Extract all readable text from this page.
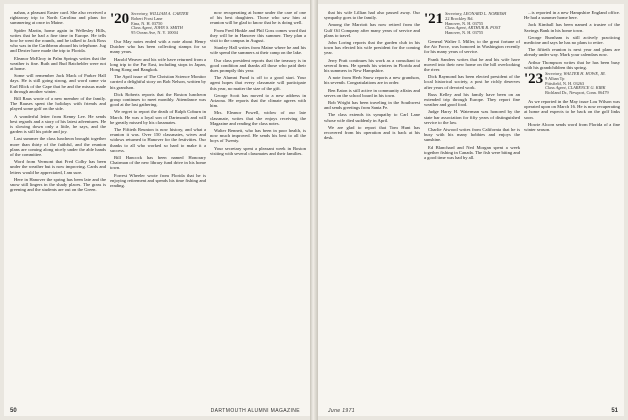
nahan, a pleasant Easter card. She also received a rightaway trip to North Carolina and plans for summering at once in Maine.

Spider Martin, home again in Wellesley Hills, writes that he had a fine time in Europe. He tells how he went the rounds, and he talked to Jack Ross who was in the Caribbean aboard his telephone. Jug and Dexter have made the trip to Florida.

Eleanor McElroy in Palm Springs writes that the weather is fine. Ruth and Bud Batchelder were not at home.

Some will remember Jack Mack of Parker Hall days. He is still going strong, and word came via Earl Blick of the Cape that he and the missus made it through another winter.

Bill Raus wrote of a new member of the family. The Rauses spent the holidays with friends and played some golf on the side.

A wonderful letter from Kenny Lee. He sends best regards and a story of his latest adventures. He is slowing down only a little, he says, and the garden is still his pride and joy.

Last summer the class luncheon brought together more than thirty of the faithful, and the reunion plans are coming along nicely under the able hands of the committee.

Word from Vermont that Fred Colby has been under the weather but is now improving. Cards and letters would be appreciated, I am sure.

Here in Hanover the spring has been late and the snow still lingers in the shady places. The grass is greening and the students are out on the Green.

'20 Secretary, WILLIAM A. CARTER
Robert Frost Lane
Etna, N. H. 03750
Class Agent, JOHN S. SMITH
95 Ocean Ave, N. Y. 10004

Our May notes ended with a note about Henry Dutcher who has been collecting stamps for so many years.

Harold Weaver and his wife have returned from a long trip to the Far East, including stops in Japan, Hong Kong and Bangkok.

The April issue of The Christian Science Monitor carried a delightful story on Bob Nelson, written by his grandson.

Dick Roberts reports that the Boston luncheon group continues to meet monthly. Attendance was good at the last gathering.

We regret to report the death of Ralph Coburn in March. He was a loyal son of Dartmouth and will be greatly missed by his classmates.

The Fiftieth Reunion is now history, and what a reunion it was. Over 150 classmates, wives and widows returned to Hanover for the festivities. Our thanks to all who worked so hard to make it a success.

Bill Hancock has been named Honorary Chairman of the new library fund drive in his home town.

Forrest Wheeler wrote from Florida that he is enjoying retirement and spends his time fishing and reading.

now recuperating at home under the care of one of his best daughters. Those who saw him at reunion will be glad to know that he is doing well.

From Fred Hinkle and Phil Goss comes word that they will be in Hanover this summer. They plan a visit to the campus in August.

Stanley Hall writes from Maine where he and his wife spend the summers at their camp on the lake.

Our class president reports that the treasury is in good condition and thanks all those who paid their dues promptly this year.

The Alumni Fund is off to a good start. Your agent hopes that every classmate will participate this year, no matter the size of the gift.

George Scott has moved to a new address in Arizona. He reports that the climate agrees with him.

Mrs. Eleanor Powell, widow of our late classmate, writes that she enjoys receiving the Magazine and reading the class notes.

Walter Bennett, who has been in poor health, is now much improved. He sends his best to all the boys of Twenty.

Your secretary spent a pleasant week in Boston visiting with several classmates and their families.

50	DARTMOUTH ALUMNI MAGAZINE

that his wife Lillian had also passed away. Our sympathy goes to the family.

Among the Marriott has now retired from the Gulf Oil Company after many years of service and plans to travel.

John Loring reports that the garden club in his town has elected his wife president for the coming year.

Jerry Pratt continues his work as a consultant to several firms. He spends his winters in Florida and his summers in New Hampshire.

A note from Herb Snow reports a new grandson, his seventh. Congratulations are in order.

Ben Eaton is still active in community affairs and serves on the school board in his town.

Bob Wright has been traveling in the Southwest and sends greetings from Santa Fe.

The class extends its sympathy to Carl Lane whose wife died suddenly in April.

We are glad to report that Tom Hunt has recovered from his operation and is back at his desk.

'21 Secretary, LEONARD L. NORRISH
22 Brockley Rd.
Hanover, N. H. 03755
Class Agent, ARTHUR B. POST
Hanover, N. H. 03755

General Walter I. Miller, to the great fortune of the Air Force, was honored in Washington recently for his many years of service.

Frank Sanders writes that he and his wife have moved into their new home on the hill overlooking the river.

Dick Raymond has been elected president of the local historical society, a post he richly deserves after years of devoted work.

Russ Kelley and his family have been on an extended trip through Europe. They report fine weather and good food.

Judge Harry H. Waterman was honored by the state bar association for fifty years of distinguished service to the law.

Charlie Atwood writes from California that he is busy with his many hobbies and enjoys the sunshine.

Ed Blanchard and Ned Morgan spent a week together fishing in Canada. The fish were biting and a good time was had by all.

...is reported in a new Hampshire England office. He had a summer home here.

Jack Kimball has been named a trustee of the Savings Bank in his home town.

George Burnham is still actively practicing medicine and says he has no plans to retire.

The fiftieth reunion is next year and plans are already under way. Mark your calendars now.

Arthur Thompson writes that he has been busy with his grandchildren this spring.

'23 Secretary, WALTER H. HOWE, JR.
9 Alban Tp
Pittsfield, N. H. 03263
Class Agent, CLARENCE G. KIRK
Richland Dr., Newport, Conn. 06479

As we reported in the May issue Lou Wilson was operated upon on March 16. He is now recuperating at home and expects to be back on the golf links soon.

Howie Alcorn sends word from Florida of a fine winter season.

June 1971	51
